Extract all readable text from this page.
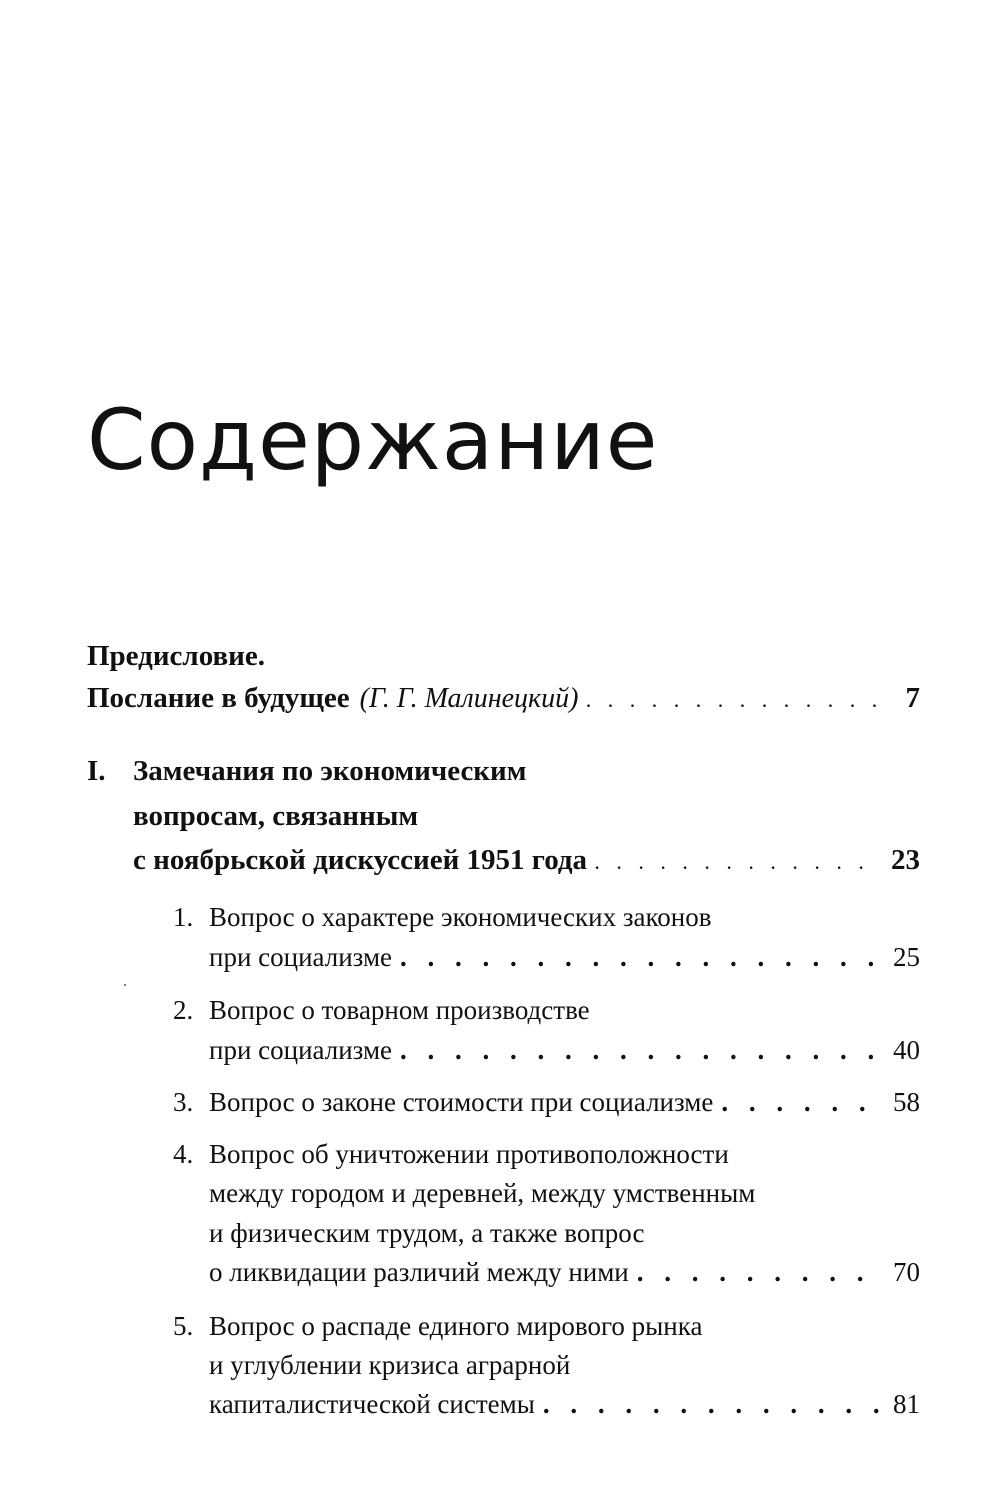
Содержание
Предисловие.
Послание в будущее (Г. Г. Малинецкий) . . .	7
I. Замечания по экономическим
вопросам, связанным
с ноябрьской дискуссией 1951 года . . .	23
1. Вопрос о характере экономических законов
при социализме . . .	25
2. Вопрос о товарном производстве
при социализме . . .	40
3. Вопрос о законе стоимости при социализме . . .	58
4. Вопрос об уничтожении противоположности
между городом и деревней, между умственным
и физическим трудом, а также вопрос
о ликвидации различий между ними . . .	70
5. Вопрос о распаде единого мирового рынка
и углублении кризиса аграрной
капиталистической системы . . .	81
